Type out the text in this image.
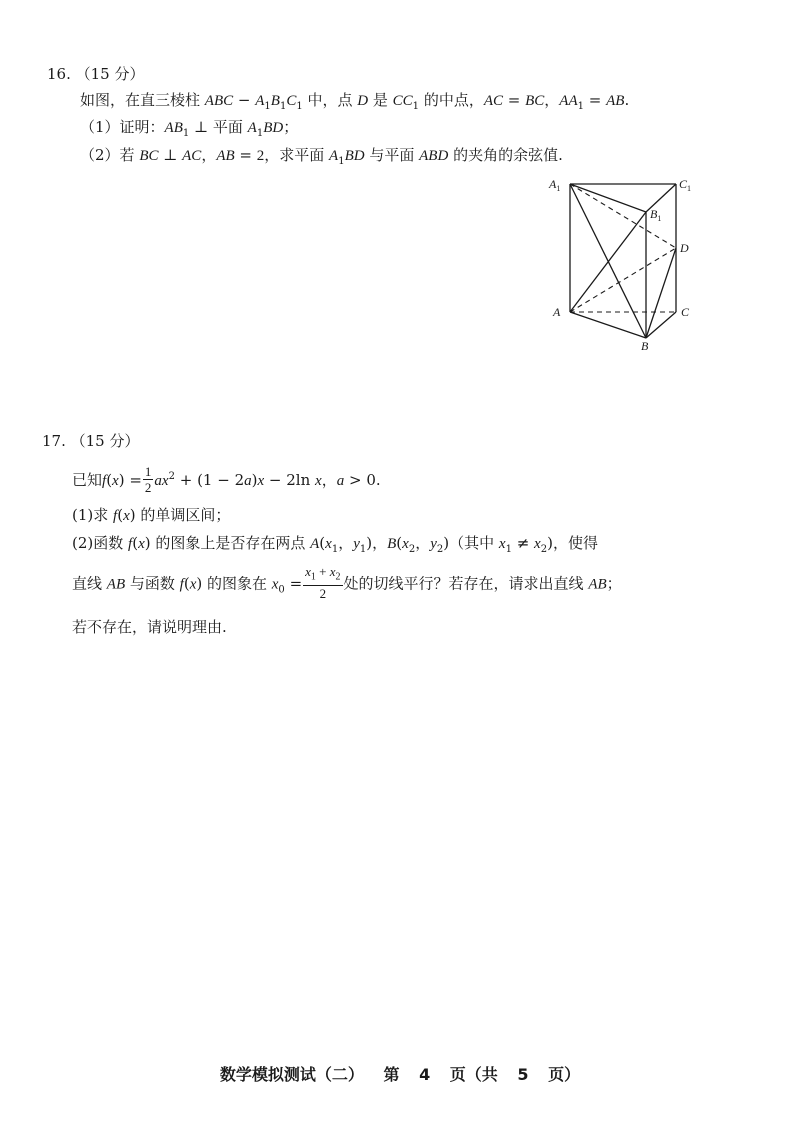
16. （15 分）
如图，在直三棱柱 ABC − $A_1B_1C_1$ 中，点 D 是 $CC_1$ 的中点，AC = BC，$AA_1$ = AB.
（1）证明：$AB_1$ ⊥ 平面 $A_1BD$；
（2）若 BC ⊥ AC，AB = 2，求平面 $A_1BD$ 与平面 ABD 的夹角的余弦值.
$A_1$	$C_1$
$B_1$
D
A	C
B
17. （15 分）
已知$f(x) = \frac{1}{2} ax^2 + (1 - 2a)x - 2\ln$ x，a > 0.
(1)求 f(x) 的单调区间；
(2)函数 f(x) 的图象上是否存在两点 $A(x_1$，$y_1$)，$B(x_2$，$y_2$)（其中 $x_1 \ne x_2$)，使得
直线 AB 与函数 f(x) 的图象在 $x_0 = \frac{x_1 + x_2}{2}$ 处的切线平行？若存在，请求出直线 AB；
若不存在，请说明理由.
数学模拟测试（二） 第 4 页（共 5 页）
